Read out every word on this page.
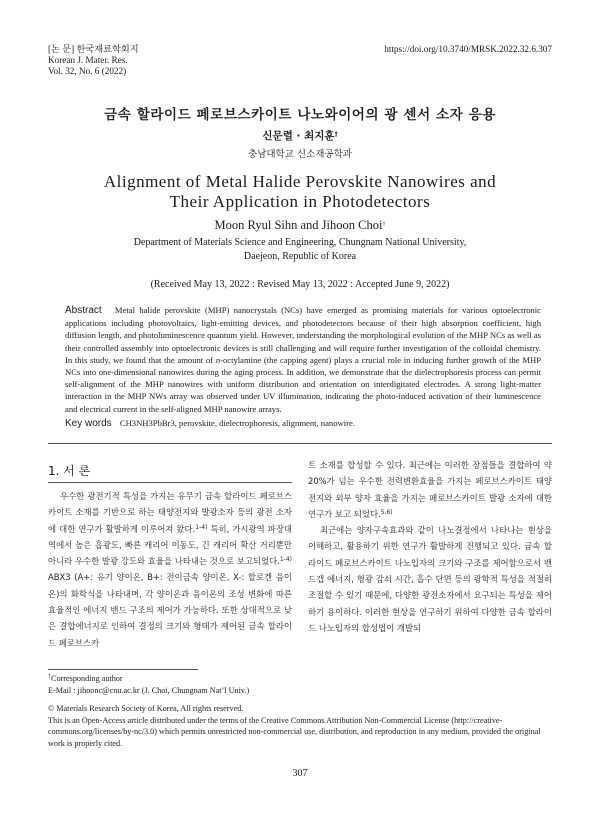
[논 문] 한국재료학회지
Korean J. Mater. Res.
Vol. 32, No. 6 (2022)
https://doi.org/10.3740/MRSK.2022.32.6.307
금속 할라이드 페로브스카이트 나노와이어의 광 센서 소자 응용
신문렬 · 최지훈†
충남대학교 신소재공학과
Alignment of Metal Halide Perovskite Nanowires and
Their Application in Photodetectors
Moon Ryul Sihn and Jihoon Choi†
Department of Materials Science and Engineering, Chungnam National University,
Daejeon, Republic of Korea
(Received May 13, 2022 : Revised May 13, 2022 : Accepted June 9, 2022)
Abstract Metal halide perovskite (MHP) nanocrystals (NCs) have emerged as promising materials for various optoelectronic applications including photovoltaics, light-emitting devices, and photodetectors because of their high absorption coefficient, high diffusion length, and photoluminescence quantum yield. However, understanding the morphological evolution of the MHP NCs as well as their controlled assembly into optoelectronic devices is still challenging and will require further investigation of the colloidal chemistry. In this study, we found that the amount of n-octylamine (the capping agent) plays a crucial role in inducing further growth of the MHP NCs into one-dimensional nanowires during the aging process. In addition, we demonstrate that the dielectrophoresis process can permit self-alignment of the MHP nanowires with uniform distribution and orientation on interdigitated electrodes. A strong light-matter interaction in the MHP NWs array was observed under UV illumination, indicating the photo-induced activation of their luminescence and electrical current in the self-aligned MHP nanowire arrays.
Key words CH3NH3PbBr3, perovskite, dielectrophoresis, alignment, nanowire.
1. 서 론

우수한 광전기적 특성을 가지는 유무기 금속 할라이드 페로브스카이트 소재를 기반으로 하는 태양전지와 발광소자 등의 광전 소자에 대한 연구가 활발하게 이루어져 왔다.$^{1-4)}$ 특히, 가시광역 파장대역에서 높은 흡광도, 빠른 캐리어 이동도, 긴 캐리어 확산 거리뿐만 아니라 우수한 발광 강도와 효율을 나타내는 것으로 보고되었다.$^{1-4)}$ ABX3 (A+: 유기 양이온, B+: 전이금속 양이온, X-: 할로겐 음이온)의 화학식을 나타내며, 각 양이온과 음이온의 조성 변화에 따른 효율적인 에너지 밴드 구조의 제어가 가능하다. 또한 상대적으로 낮은 결합에너지로 인하여 결정의 크기와 형태가 제어된 금속 할라이드 페로브스카

트 소재를 합성할 수 있다. 최근에는 이러한 장점들을 결합하여 약 20%가 넘는 우수한 전력변환효율을 가지는 페로브스카이트 태양전지와 외부 양자 효율을 가지는 페로브스카이트 발광 소자에 대한 연구가 보고 되었다.$^{5,6)}$

최근에는 양자구속효과와 같이 나노결정에서 나타나는 현상을 이해하고, 활용하기 위한 연구가 활발하게 진행되고 있다. 금속 할라이드 페로브스카이트 나노입자의 크기와 구조를 제어함으로서 밴드갭 에너지, 형광 감쇠 시간, 흡수 단면 등의 광학적 특성을 적절히 조절할 수 있기 때문에, 다양한 광전소자에서 요구되는 특성을 제어하기 용이하다. 이러한 현상을 연구하기 위하여 다양한 금속 할라이드 나노입자의 합성법이 개발되

†Corresponding author
E-Mail : jihoonc@cnu.ac.kr (J. Choi, Chungnam Nat’l Univ.)
© Materials Research Society of Korea, All rights reserved.
This is an Open-Access article distributed under the terms of the Creative Commons Attribution Non-Commercial License (http://creative-commons.org/licenses/by-nc/3.0) which permits unrestricted non-commercial use, distribution, and reproduction in any medium, provided the original work is properly cited.
307
